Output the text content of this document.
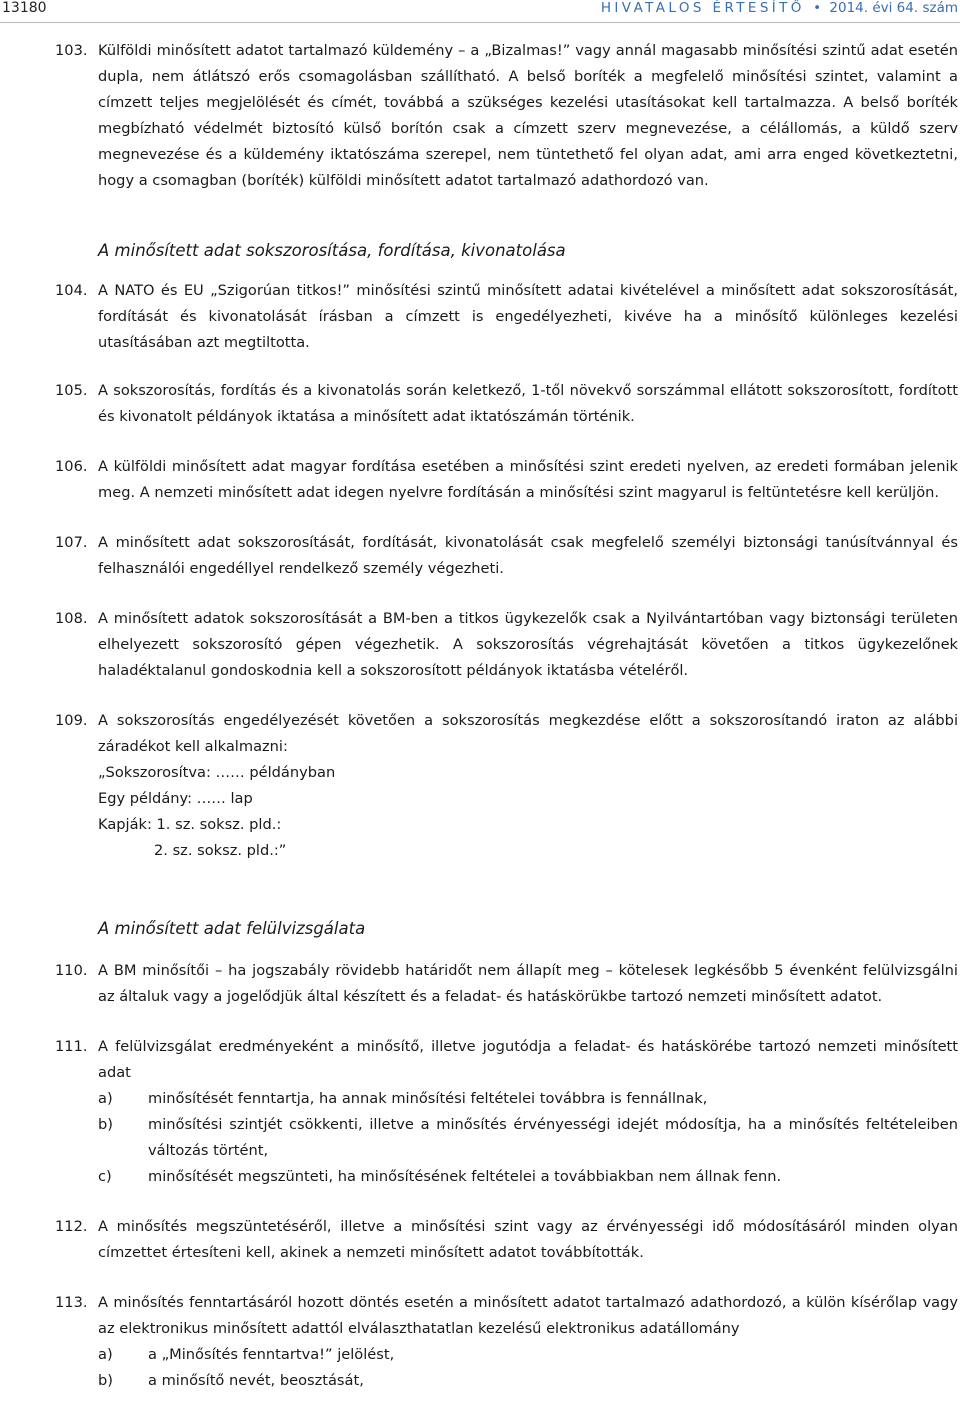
13180	HIVATALOS ÉRTESÍTŐ • 2014. évi 64. szám
103. Külföldi minősített adatot tartalmazó küldemény – a „Bizalmas!” vagy annál magasabb minősítési szintű adat esetén dupla, nem átlátszó erős csomagolásban szállítható. A belső boríték a megfelelő minősítési szintet, valamint a címzett teljes megjelölését és címét, továbbá a szükséges kezelési utasításokat kell tartalmazza. A belső boríték megbízható védelmét biztosító külső borítón csak a címzett szerv megnevezése, a célállomás, a küldő szerv megnevezése és a küldemény iktatószáma szerepel, nem tüntethető fel olyan adat, ami arra enged következtetni, hogy a csomagban (boríték) külföldi minősített adatot tartalmazó adathordozó van.
A minősített adat sokszorosítása, fordítása, kivonatolása
104. A NATO és EU „Szigorúan titkos!” minősítési szintű minősített adatai kivételével a minősített adat sokszorosítását, fordítását és kivonatolását írásban a címzett is engedélyezheti, kivéve ha a minősítő különleges kezelési utasításában azt megtiltotta.
105. A sokszorosítás, fordítás és a kivonatolás során keletkező, 1-től növekvő sorszámmal ellátott sokszorosított, fordított és kivonatolt példányok iktatása a minősített adat iktatószámán történik.
106. A külföldi minősített adat magyar fordítása esetében a minősítési szint eredeti nyelven, az eredeti formában jelenik meg. A nemzeti minősített adat idegen nyelvre fordításán a minősítési szint magyarul is feltüntetésre kell kerüljön.
107. A minősített adat sokszorosítását, fordítását, kivonatolását csak megfelelő személyi biztonsági tanúsítvánnyal és felhasználói engedéllyel rendelkező személy végezheti.
108. A minősített adatok sokszorosítását a BM-ben a titkos ügykezelők csak a Nyilvántartóban vagy biztonsági területen elhelyezett sokszorosító gépen végezhetik. A sokszorosítás végrehajtását követően a titkos ügykezelőnek haladéktalanul gondoskodnia kell a sokszorosított példányok iktatásba vételéről.
109. A sokszorosítás engedélyezését követően a sokszorosítás megkezdése előtt a sokszorosítandó iraton az alábbi záradékot kell alkalmazni:
„Sokszorosítva: …… példányban
Egy példány: …… lap
Kapják: 1. sz. soksz. pld.:
2. sz. soksz. pld.:”
A minősített adat felülvizsgálata
110. A BM minősítői – ha jogszabály rövidebb határidőt nem állapít meg – kötelesek legkésőbb 5 évenként felülvizsgálni az általuk vagy a jogelődjük által készített és a feladat- és hatáskörükbe tartozó nemzeti minősített adatot.
111. A felülvizsgálat eredményeként a minősítő, illetve jogutódja a feladat- és hatáskörébe tartozó nemzeti minősített adat
a)	minősítését fenntartja, ha annak minősítési feltételei továbbra is fennállnak,
b)	minősítési szintjét csökkenti, illetve a minősítés érvényességi idejét módosítja, ha a minősítés feltételeiben változás történt,
c)	minősítését megszünteti, ha minősítésének feltételei a továbbiakban nem állnak fenn.
112. A minősítés megszüntetéséről, illetve a minősítési szint vagy az érvényességi idő módosításáról minden olyan címzettet értesíteni kell, akinek a nemzeti minősített adatot továbbították.
113. A minősítés fenntartásáról hozott döntés esetén a minősített adatot tartalmazó adathordozó, a külön kísérőlap vagy az elektronikus minősített adattól elválaszthatatlan kezelésű elektronikus adatállomány
a)	a „Minősítés fenntartva!” jelölést,
b)	a minősítő nevét, beosztását,
